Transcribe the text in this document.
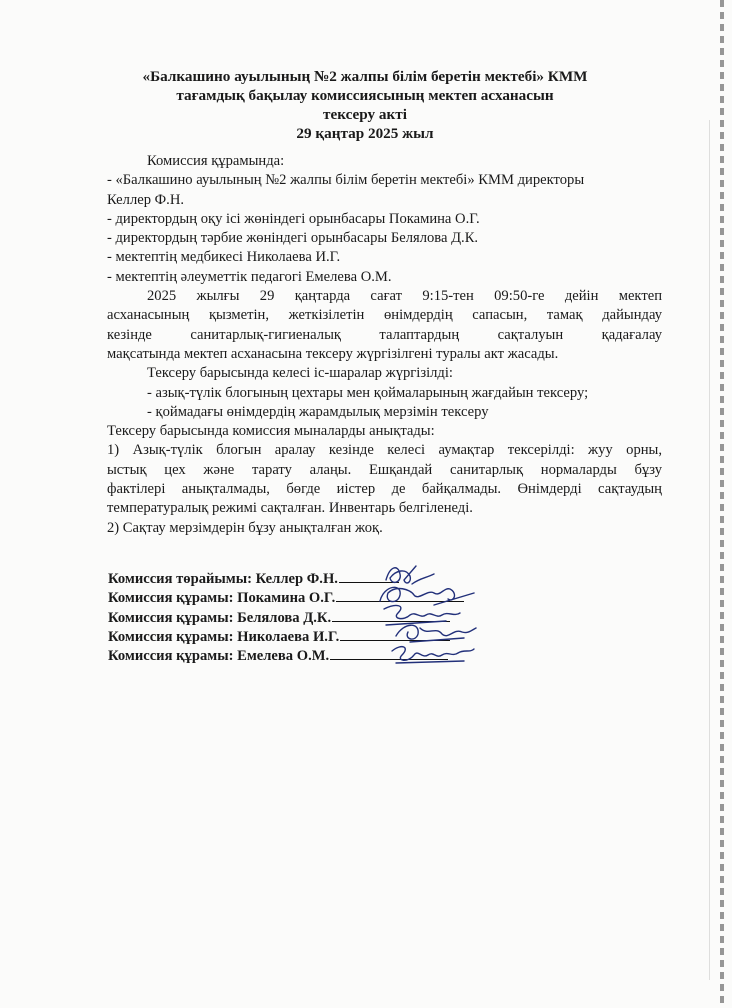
«Балкашино ауылының №2 жалпы білім беретін мектебі» КММ
тағамдық бақылау комиссиясының мектеп асханасын
тексеру акті
29 қаңтар 2025 жыл
Комиссия құрамында:
- «Балкашино ауылының №2 жалпы білім беретін мектебі» КММ директоры
Келлер Ф.Н.
- директордың оқу ісі жөніндегі орынбасары Покамина О.Г.
- директордың тәрбие жөніндегі орынбасары Белялова Д.К.
- мектептің медбикесі Николаева И.Г.
- мектептің әлеуметтік педагогі Емелева О.М.
2025 жылғы 29 қаңтарда сағат 9:15-тен 09:50-ге дейін мектеп
асханасының қызметін, жеткізілетін өнімдердің сапасын, тамақ дайындау
кезінде санитарлық-гигиеналық талаптардың сақталуын қадағалау
мақсатында мектеп асханасына тексеру жүргізілгені туралы акт жасады.
Тексеру барысында келесі іс-шаралар жүргізілді:
- азық-түлік блогының цехтары мен қоймаларының жағдайын тексеру;
- қоймадағы өнімдердің жарамдылық мерзімін тексеру
Тексеру барысында комиссия мыналарды анықтады:
1) Азық-түлік блогын аралау кезінде келесі аумақтар тексерілді: жуу орны,
ыстық цех және тарату алаңы. Ешқандай санитарлық нормаларды бұзу
фактілері анықталмады, бөгде иістер де байқалмады. Өнімдерді сақтаудың
температуралық режимі сақталған. Инвентарь белгіленеді.
2) Сақтау мерзімдерін бұзу анықталған жоқ.
Комиссия төрайымы: Келлер Ф.Н.
Комиссия құрамы: Покамина О.Г.
Комиссия құрамы: Белялова Д.К.
Комиссия құрамы: Николаева И.Г.
Комиссия құрамы: Емелева О.М.
